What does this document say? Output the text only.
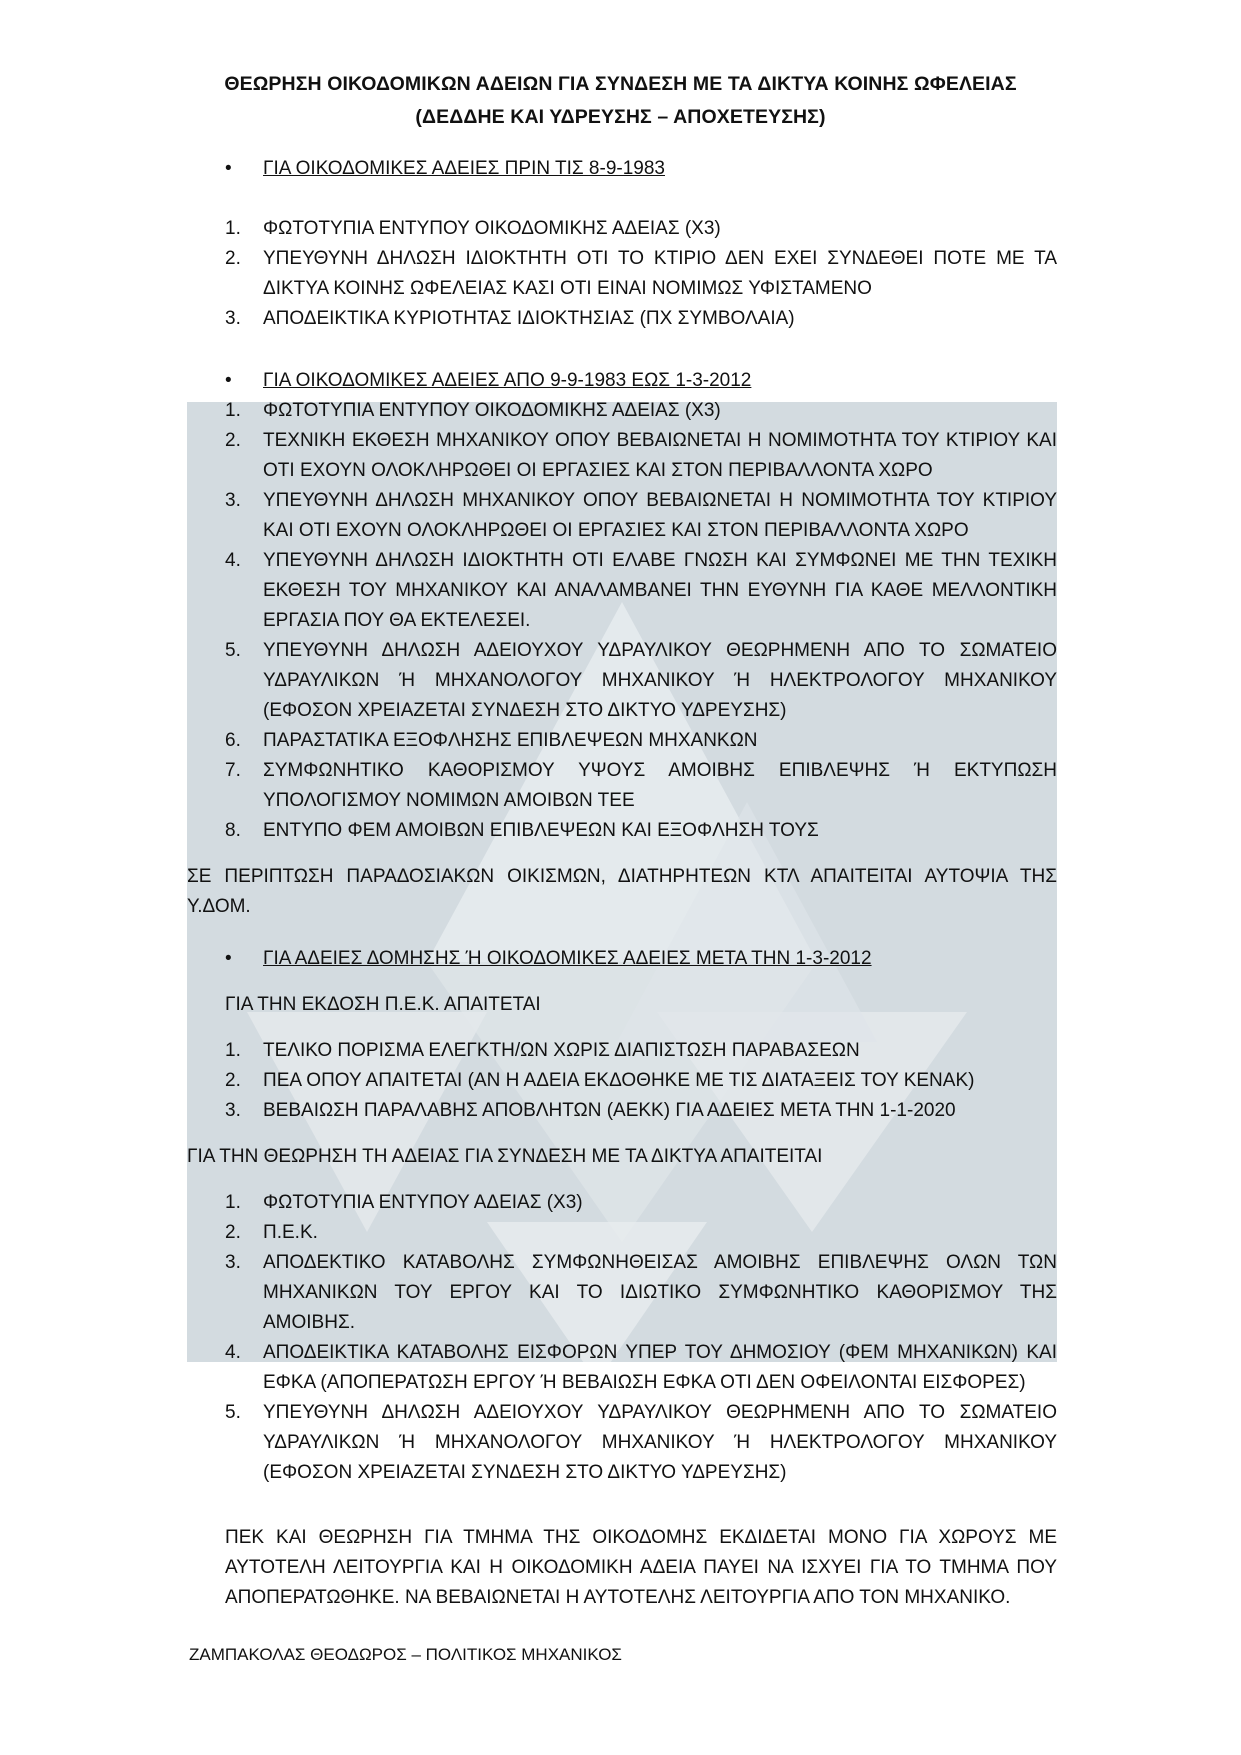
ΘΕΩΡΗΣΗ ΟΙΚΟΔΟΜΙΚΩΝ ΑΔΕΙΩΝ ΓΙΑ ΣΥΝΔΕΣΗ ΜΕ ΤΑ ΔΙΚΤΥΑ ΚΟΙΝΗΣ ΩΦΕΛΕΙΑΣ

(ΔΕΔΔΗΕ ΚΑΙ ΥΔΡΕΥΣΗΣ – ΑΠΟΧΕΤΕΥΣΗΣ)

• ΓΙΑ ΟΙΚΟΔΟΜΙΚΕΣ ΑΔΕΙΕΣ ΠΡΙΝ ΤΙΣ 8-9-1983
1. ΦΩΤΟΤΥΠΙΑ ΕΝΤΥΠΟΥ ΟΙΚΟΔΟΜΙΚΗΣ ΑΔΕΙΑΣ (Χ3)
2. ΥΠΕΥΘΥΝΗ ΔΗΛΩΣΗ ΙΔΙΟΚΤΗΤΗ ΟΤΙ ΤΟ ΚΤΙΡΙΟ ΔΕΝ ΕΧΕΙ ΣΥΝΔΕΘΕΙ ΠΟΤΕ ΜΕ ΤΑ ΔΙΚΤΥΑ ΚΟΙΝΗΣ ΩΦΕΛΕΙΑΣ ΚΑΣΙ ΟΤΙ ΕΙΝΑΙ ΝΟΜΙΜΩΣ ΥΦΙΣΤΑΜΕΝΟ
3. ΑΠΟΔΕΙΚΤΙΚΑ ΚΥΡΙΟΤΗΤΑΣ ΙΔΙΟΚΤΗΣΙΑΣ (ΠΧ ΣΥΜΒΟΛΑΙΑ)
• ΓΙΑ ΟΙΚΟΔΟΜΙΚΕΣ ΑΔΕΙΕΣ ΑΠΟ 9-9-1983 ΕΩΣ 1-3-2012
1. ΦΩΤΟΤΥΠΙΑ ΕΝΤΥΠΟΥ ΟΙΚΟΔΟΜΙΚΗΣ ΑΔΕΙΑΣ (Χ3)
2. ΤΕΧΝΙΚΗ ΕΚΘΕΣΗ ΜΗΧΑΝΙΚΟΥ ΟΠΟΥ ΒΕΒΑΙΩΝΕΤΑΙ Η ΝΟΜΙΜΟΤΗΤΑ ΤΟΥ ΚΤΙΡΙΟΥ ΚΑΙ ΟΤΙ ΕΧΟΥΝ ΟΛΟΚΛΗΡΩΘΕΙ ΟΙ ΕΡΓΑΣΙΕΣ ΚΑΙ ΣΤΟΝ ΠΕΡΙΒΑΛΛΟΝΤΑ ΧΩΡΟ
3. ΥΠΕΥΘΥΝΗ ΔΗΛΩΣΗ ΜΗΧΑΝΙΚΟΥ ΟΠΟΥ ΒΕΒΑΙΩΝΕΤΑΙ Η ΝΟΜΙΜΟΤΗΤΑ ΤΟΥ ΚΤΙΡΙΟΥ ΚΑΙ ΟΤΙ ΕΧΟΥΝ ΟΛΟΚΛΗΡΩΘΕΙ ΟΙ ΕΡΓΑΣΙΕΣ ΚΑΙ ΣΤΟΝ ΠΕΡΙΒΑΛΛΟΝΤΑ ΧΩΡΟ
4. ΥΠΕΥΘΥΝΗ ΔΗΛΩΣΗ ΙΔΙΟΚΤΗΤΗ ΟΤΙ ΕΛΑΒΕ ΓΝΩΣΗ ΚΑΙ ΣΥΜΦΩΝΕΙ ΜΕ ΤΗΝ ΤΕΧΙΚΗ ΕΚΘΕΣΗ ΤΟΥ ΜΗΧΑΝΙΚΟΥ ΚΑΙ ΑΝΑΛΑΜΒΑΝΕΙ ΤΗΝ ΕΥΘΥΝΗ ΓΙΑ ΚΑΘΕ ΜΕΛΛΟΝΤΙΚΗ ΕΡΓΑΣΙΑ ΠΟΥ ΘΑ ΕΚΤΕΛΕΣΕΙ.
5. ΥΠΕΥΘΥΝΗ ΔΗΛΩΣΗ ΑΔΕΙΟΥΧΟΥ ΥΔΡΑΥΛΙΚΟΥ ΘΕΩΡΗΜΕΝΗ ΑΠΟ ΤΟ ΣΩΜΑΤΕΙΟ ΥΔΡΑΥΛΙΚΩΝ Ή ΜΗΧΑΝΟΛΟΓΟΥ ΜΗΧΑΝΙΚΟΥ Ή ΗΛΕΚΤΡΟΛΟΓΟΥ ΜΗΧΑΝΙΚΟΥ (ΕΦΟΣΟΝ ΧΡΕΙΑΖΕΤΑΙ ΣΥΝΔΕΣΗ ΣΤΟ ΔΙΚΤΥΟ ΥΔΡΕΥΣΗΣ)
6. ΠΑΡΑΣΤΑΤΙΚΑ ΕΞΟΦΛΗΣΗΣ ΕΠΙΒΛΕΨΕΩΝ ΜΗΧΑΝΚΩΝ
7. ΣΥΜΦΩΝΗΤΙΚΟ ΚΑΘΟΡΙΣΜΟΥ ΥΨΟΥΣ ΑΜΟΙΒΗΣ ΕΠΙΒΛΕΨΗΣ Ή ΕΚΤΥΠΩΣΗ ΥΠΟΛΟΓΙΣΜΟΥ ΝΟΜΙΜΩΝ ΑΜΟΙΒΩΝ ΤΕΕ
8. ΕΝΤΥΠΟ ΦΕΜ ΑΜΟΙΒΩΝ ΕΠΙΒΛΕΨΕΩΝ ΚΑΙ ΕΞΟΦΛΗΣΗ ΤΟΥΣ

ΣΕ ΠΕΡΙΠΤΩΣΗ ΠΑΡΑΔΟΣΙΑΚΩΝ ΟΙΚΙΣΜΩΝ, ΔΙΑΤΗΡΗΤΕΩΝ ΚΤΛ ΑΠΑΙΤΕΙΤΑΙ ΑΥΤΟΨΙΑ ΤΗΣ Υ.ΔΟΜ.

• ΓΙΑ ΑΔΕΙΕΣ ΔΟΜΗΣΗΣ Ή ΟΙΚΟΔΟΜΙΚΕΣ ΑΔΕΙΕΣ ΜΕΤΑ ΤΗΝ 1-3-2012

ΓΙΑ ΤΗΝ ΕΚΔΟΣΗ Π.Ε.Κ. ΑΠΑΙΤΕΤΑΙ

1. ΤΕΛΙΚΟ ΠΟΡΙΣΜΑ ΕΛΕΓΚΤΗ/ΩΝ ΧΩΡΙΣ ΔΙΑΠΙΣΤΩΣΗ ΠΑΡΑΒΑΣΕΩΝ
2. ΠΕΑ ΟΠΟΥ ΑΠΑΙΤΕΤΑΙ (ΑΝ Η ΑΔΕΙΑ ΕΚΔΟΘΗΚΕ ΜΕ ΤΙΣ ΔΙΑΤΑΞΕΙΣ ΤΟΥ ΚΕΝΑΚ)
3. ΒΕΒΑΙΩΣΗ ΠΑΡΑΛΑΒΗΣ ΑΠΟΒΛΗΤΩΝ (ΑΕΚΚ) ΓΙΑ ΑΔΕΙΕΣ ΜΕΤΑ ΤΗΝ 1-1-2020

ΓΙΑ ΤΗΝ ΘΕΩΡΗΣΗ ΤΗ ΑΔΕΙΑΣ ΓΙΑ ΣΥΝΔΕΣΗ ΜΕ ΤΑ ΔΙΚΤΥΑ ΑΠΑΙΤΕΙΤΑΙ

1. ΦΩΤΟΤΥΠΙΑ ΕΝΤΥΠΟΥ ΑΔΕΙΑΣ (Χ3)
2. Π.Ε.Κ.
3. ΑΠΟΔΕΚΤΙΚΟ ΚΑΤΑΒΟΛΗΣ ΣΥΜΦΩΝΗΘΕΙΣΑΣ ΑΜΟΙΒΗΣ ΕΠΙΒΛΕΨΗΣ ΟΛΩΝ ΤΩΝ ΜΗΧΑΝΙΚΩΝ ΤΟΥ ΕΡΓΟΥ ΚΑΙ ΤΟ ΙΔΙΩΤΙΚΟ ΣΥΜΦΩΝΗΤΙΚΟ ΚΑΘΟΡΙΣΜΟΥ ΤΗΣ ΑΜΟΙΒΗΣ.
4. ΑΠΟΔΕΙΚΤΙΚΑ ΚΑΤΑΒΟΛΗΣ ΕΙΣΦΟΡΩΝ ΥΠΕΡ ΤΟΥ ΔΗΜΟΣΙΟΥ (ΦΕΜ ΜΗΧΑΝΙΚΩΝ) ΚΑΙ ΕΦΚΑ (ΑΠΟΠΕΡΑΤΩΣΗ ΕΡΓΟΥ Ή ΒΕΒΑΙΩΣΗ ΕΦΚΑ ΟΤΙ ΔΕΝ ΟΦΕΙΛΟΝΤΑΙ ΕΙΣΦΟΡΕΣ)
5. ΥΠΕΥΘΥΝΗ ΔΗΛΩΣΗ ΑΔΕΙΟΥΧΟΥ ΥΔΡΑΥΛΙΚΟΥ ΘΕΩΡΗΜΕΝΗ ΑΠΟ ΤΟ ΣΩΜΑΤΕΙΟ ΥΔΡΑΥΛΙΚΩΝ Ή ΜΗΧΑΝΟΛΟΓΟΥ ΜΗΧΑΝΙΚΟΥ Ή ΗΛΕΚΤΡΟΛΟΓΟΥ ΜΗΧΑΝΙΚΟΥ (ΕΦΟΣΟΝ ΧΡΕΙΑΖΕΤΑΙ ΣΥΝΔΕΣΗ ΣΤΟ ΔΙΚΤΥΟ ΥΔΡΕΥΣΗΣ)

ΠΕΚ ΚΑΙ ΘΕΩΡΗΣΗ ΓΙΑ ΤΜΗΜΑ ΤΗΣ ΟΙΚΟΔΟΜΗΣ ΕΚΔΙΔΕΤΑΙ ΜΟΝΟ ΓΙΑ ΧΩΡΟΥΣ ΜΕ ΑΥΤΟΤΕΛΗ ΛΕΙΤΟΥΡΓΙΑ ΚΑΙ Η ΟΙΚΟΔΟΜΙΚΗ ΑΔΕΙΑ ΠΑΥΕΙ ΝΑ ΙΣΧΥΕΙ ΓΙΑ ΤΟ ΤΜΗΜΑ ΠΟΥ ΑΠΟΠΕΡΑΤΩΘΗΚΕ. ΝΑ ΒΕΒΑΙΩΝΕΤΑΙ Η ΑΥΤΟΤΕΛΗΣ ΛΕΙΤΟΥΡΓΙΑ ΑΠΟ ΤΟΝ ΜΗΧΑΝΙΚΟ.

ΖΑΜΠΑΚΟΛΑΣ ΘΕΟΔΩΡΟΣ – ΠΟΛΙΤΙΚΟΣ ΜΗΧΑΝΙΚΟΣ
